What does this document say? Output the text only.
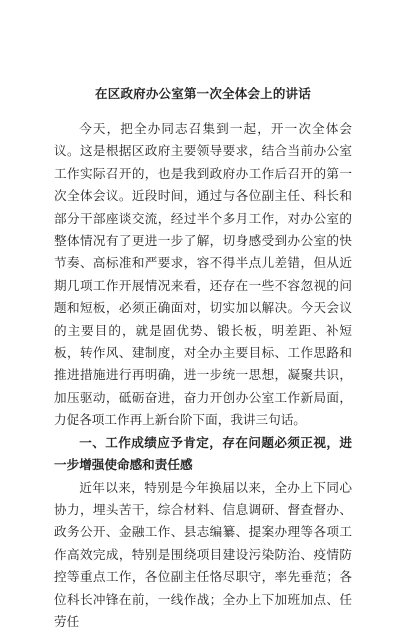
在区政府办公室第一次全体会上的讲话

今天，把全办同志召集到一起，开一次全体会议。这是根据区政府主要领导要求，结合当前办公室工作实际召开的，也是我到政府办工作后召开的第一次全体会议。近段时间，通过与各位副主任、科长和部分干部座谈交流，经过半个多月工作，对办公室的整体情况有了更进一步了解，切身感受到办公室的快节奏、高标准和严要求，容不得半点儿差错，但从近期几项工作开展情况来看，还存在一些不容忽视的问题和短板，必须正确面对，切实加以解决。今天会议的主要目的，就是固优势、锻长板，明差距、补短板，转作风、建制度，对全办主要目标、工作思路和推进措施进行再明确，进一步统一思想，凝聚共识，加压驱动，砥砺奋进，奋力开创办公室工作新局面，力促各项工作再上新台阶下面，我讲三句话。

一、工作成绩应予肯定，存在问题必须正视，进一步增强使命感和责任感

近年以来，特别是今年换届以来，全办上下同心协力，埋头苦干，综合材料、信息调研、督查督办、政务公开、金融工作、县志编纂、提案办理等各项工作高效完成，特别是围绕项目建设污染防治、疫情防控等重点工作，各位副主任恪尽职守，率先垂范；各位科长冲锋在前，一线作战；全办上下加班加点、任劳任
